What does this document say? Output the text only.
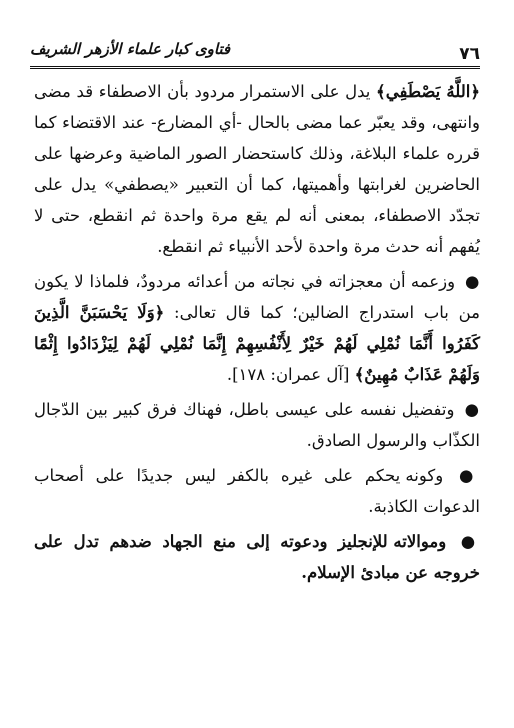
٧٦
فتاوى كبار علماء الأزهر الشريف

﴿اللَّهُ يَصْطَفِي﴾ يدل على الاستمرار مردود بأن الاصطفاء قد مضى وانتهى، وقد يعبّر عما مضى بالحال -أي المضارع- عند الاقتضاء كما قرره علماء البلاغة، وذلك كاستحضار الصور الماضية وعرضها على الحاضرين لغرابتها وأهميتها، كما أن التعبير «يصطفي» يدل على تجدّد الاصطفاء، بمعنى أنه لم يقع مرة واحدة ثم انقطع، حتى لا يُفهم أنه حدث مرة واحدة لأحد الأنبياء ثم انقطع.

● وزعمه أن معجزاته في نجاته من أعدائه مردودٌ، فلماذا لا يكون من باب استدراج الضالين؛ كما قال تعالى: ﴿وَلَا يَحْسَبَنَّ الَّذِينَ كَفَرُوا أَنَّمَا نُمْلِي لَهُمْ خَيْرٌ لِأَنْفُسِهِمْ إِنَّمَا نُمْلِي لَهُمْ لِيَزْدَادُوا إِثْمًا وَلَهُمْ عَذَابٌ مُهِينٌ﴾ [آل عمران: ١٧٨].

● وتفضيل نفسه على عيسى باطل، فهناك فرق كبير بين الدّجال الكذّاب والرسول الصادق.

● وكونه يحكم على غيره بالكفر ليس جديدًا على أصحاب الدعوات الكاذبة.

● وموالاته للإنجليز ودعوته إلى منع الجهاد ضدهم تدل على خروجه عن مبادئ الإسلام.
